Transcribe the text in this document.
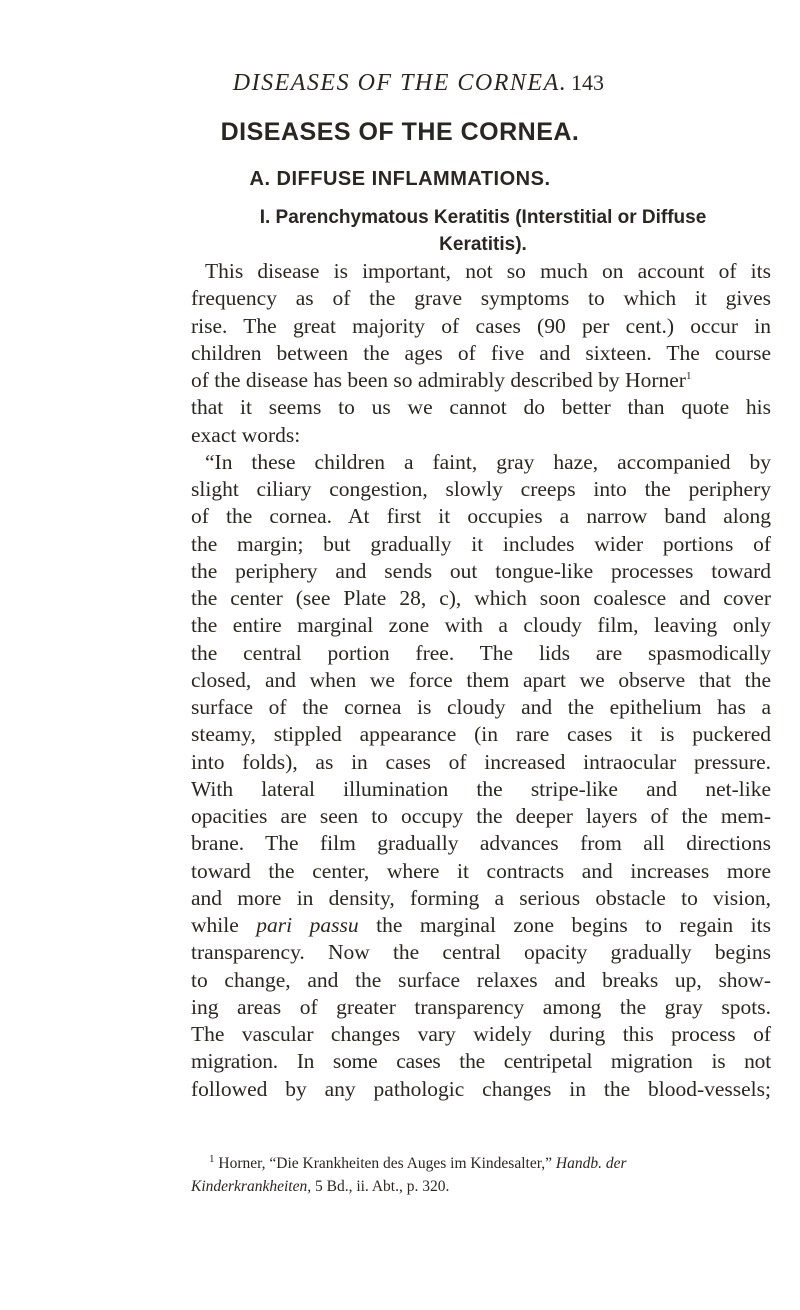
DISEASES OF THE CORNEA. 143
DISEASES OF THE CORNEA.
A. DIFFUSE INFLAMMATIONS.
I. Parenchymatous Keratitis (Interstitial or Diffuse
Keratitis).
This disease is important, not so much on account of its
frequency as of the grave symptoms to which it gives
rise. The great majority of cases (90 per cent.) occur in
children between the ages of five and sixteen. The course
of the disease has been so admirably described by Horner$^1$
that it seems to us we cannot do better than quote his
exact words:
“In these children a faint, gray haze, accompanied by
slight ciliary congestion, slowly creeps into the periphery
of the cornea. At first it occupies a narrow band along
the margin; but gradually it includes wider portions of
the periphery and sends out tongue-like processes toward
the center (see Plate 28, c), which soon coalesce and cover
the entire marginal zone with a cloudy film, leaving only
the central portion free. The lids are spasmodically
closed, and when we force them apart we observe that the
surface of the cornea is cloudy and the epithelium has a
steamy, stippled appearance (in rare cases it is puckered
into folds), as in cases of increased intraocular pressure.
With lateral illumination the stripe-like and net-like
opacities are seen to occupy the deeper layers of the mem-
brane. The film gradually advances from all directions
toward the center, where it contracts and increases more
and more in density, forming a serious obstacle to vision,
while pari passu the marginal zone begins to regain its
transparency. Now the central opacity gradually begins
to change, and the surface relaxes and breaks up, show-
ing areas of greater transparency among the gray spots.
The vascular changes vary widely during this process of
migration. In some cases the centripetal migration is not
followed by any pathologic changes in the blood-vessels;
$^1$ Horner, “Die Krankheiten des Auges im Kindesalter,” Handb. der
Kinderkrankheiten, 5 Bd., ii. Abt., p. 320.
